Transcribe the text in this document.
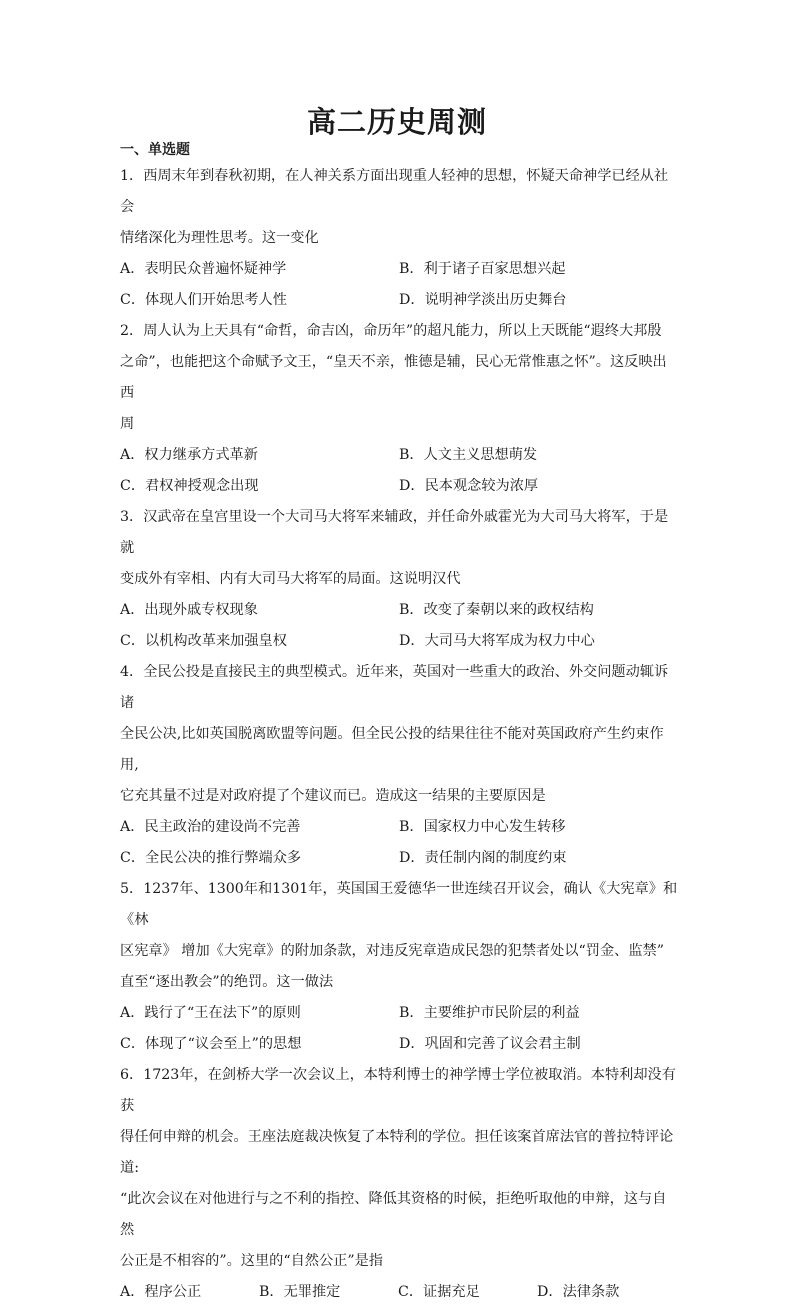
高二历史周测
一、单选题
1．西周末年到春秋初期，在人神关系方面出现重人轻神的思想，怀疑天命神学已经从社会
情绪深化为理性思考。这一变化
A．表明民众普遍怀疑神学	B．利于诸子百家思想兴起
C．体现人们开始思考人性	D．说明神学淡出历史舞台
2．周人认为上天具有“命哲，命吉凶，命历年”的超凡能力，所以上天既能“遐终大邦殷
之命”，也能把这个命赋予文王，“皇天不亲，惟德是辅，民心无常惟惠之怀”。这反映出西
周
A．权力继承方式革新	B．人文主义思想萌发
C．君权神授观念出现	D．民本观念较为浓厚
3．汉武帝在皇宫里设一个大司马大将军来辅政，并任命外戚霍光为大司马大将军，于是就
变成外有宰相、内有大司马大将军的局面。这说明汉代
A．出现外戚专权现象	B．改变了秦朝以来的政权结构
C．以机构改革来加强皇权	D．大司马大将军成为权力中心
4．全民公投是直接民主的典型模式。近年来，英国对一些重大的政治、外交问题动辄诉诸
全民公决,比如英国脱离欧盟等问题。但全民公投的结果往往不能对英国政府产生约束作用,
它充其量不过是对政府提了个建议而已。造成这一结果的主要原因是
A．民主政治的建设尚不完善	B．国家权力中心发生转移
C．全民公决的推行弊端众多	D．责任制内阁的制度约束
5．1237年、1300年和1301年，英国国王爱德华一世连续召开议会，确认《大宪章》和《林
区宪章》 增加《大宪章》的附加条款，对违反宪章造成民怨的犯禁者处以“罚金、监禁”
直至“逐出教会”的绝罚。这一做法
A．践行了“王在法下”的原则	B．主要维护市民阶层的利益
C．体现了“议会至上”的思想	D．巩固和完善了议会君主制
6．1723年，在剑桥大学一次会议上，本特利博士的神学博士学位被取消。本特利却没有获
得任何申辩的机会。王座法庭裁决恢复了本特利的学位。担任该案首席法官的普拉特评论道:
“此次会议在对他进行与之不利的指控、降低其资格的时候，拒绝听取他的申辩，这与自然
公正是不相容的”。这里的“自然公正”是指
A．程序公正	B．无罪推定	C．证据充足	D．法律条款
